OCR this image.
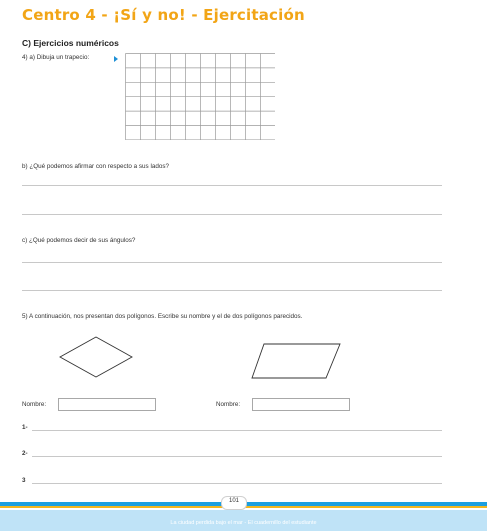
Centro 4 - ¡Sí y no! - Ejercitación
C) Ejercicios numéricos
4) a) Dibuja un trapecio:
b) ¿Qué podemos afirmar con respecto a sus lados?
c) ¿Qué podemos decir de sus ángulos?
5) A continuación, nos presentan dos polígonos. Escribe su nombre y el de dos polígonos parecidos.
Nombre:	Nombre:
1-
2-
3
101
La ciudad perdida bajo el mar - El cuadernillo del estudiante
